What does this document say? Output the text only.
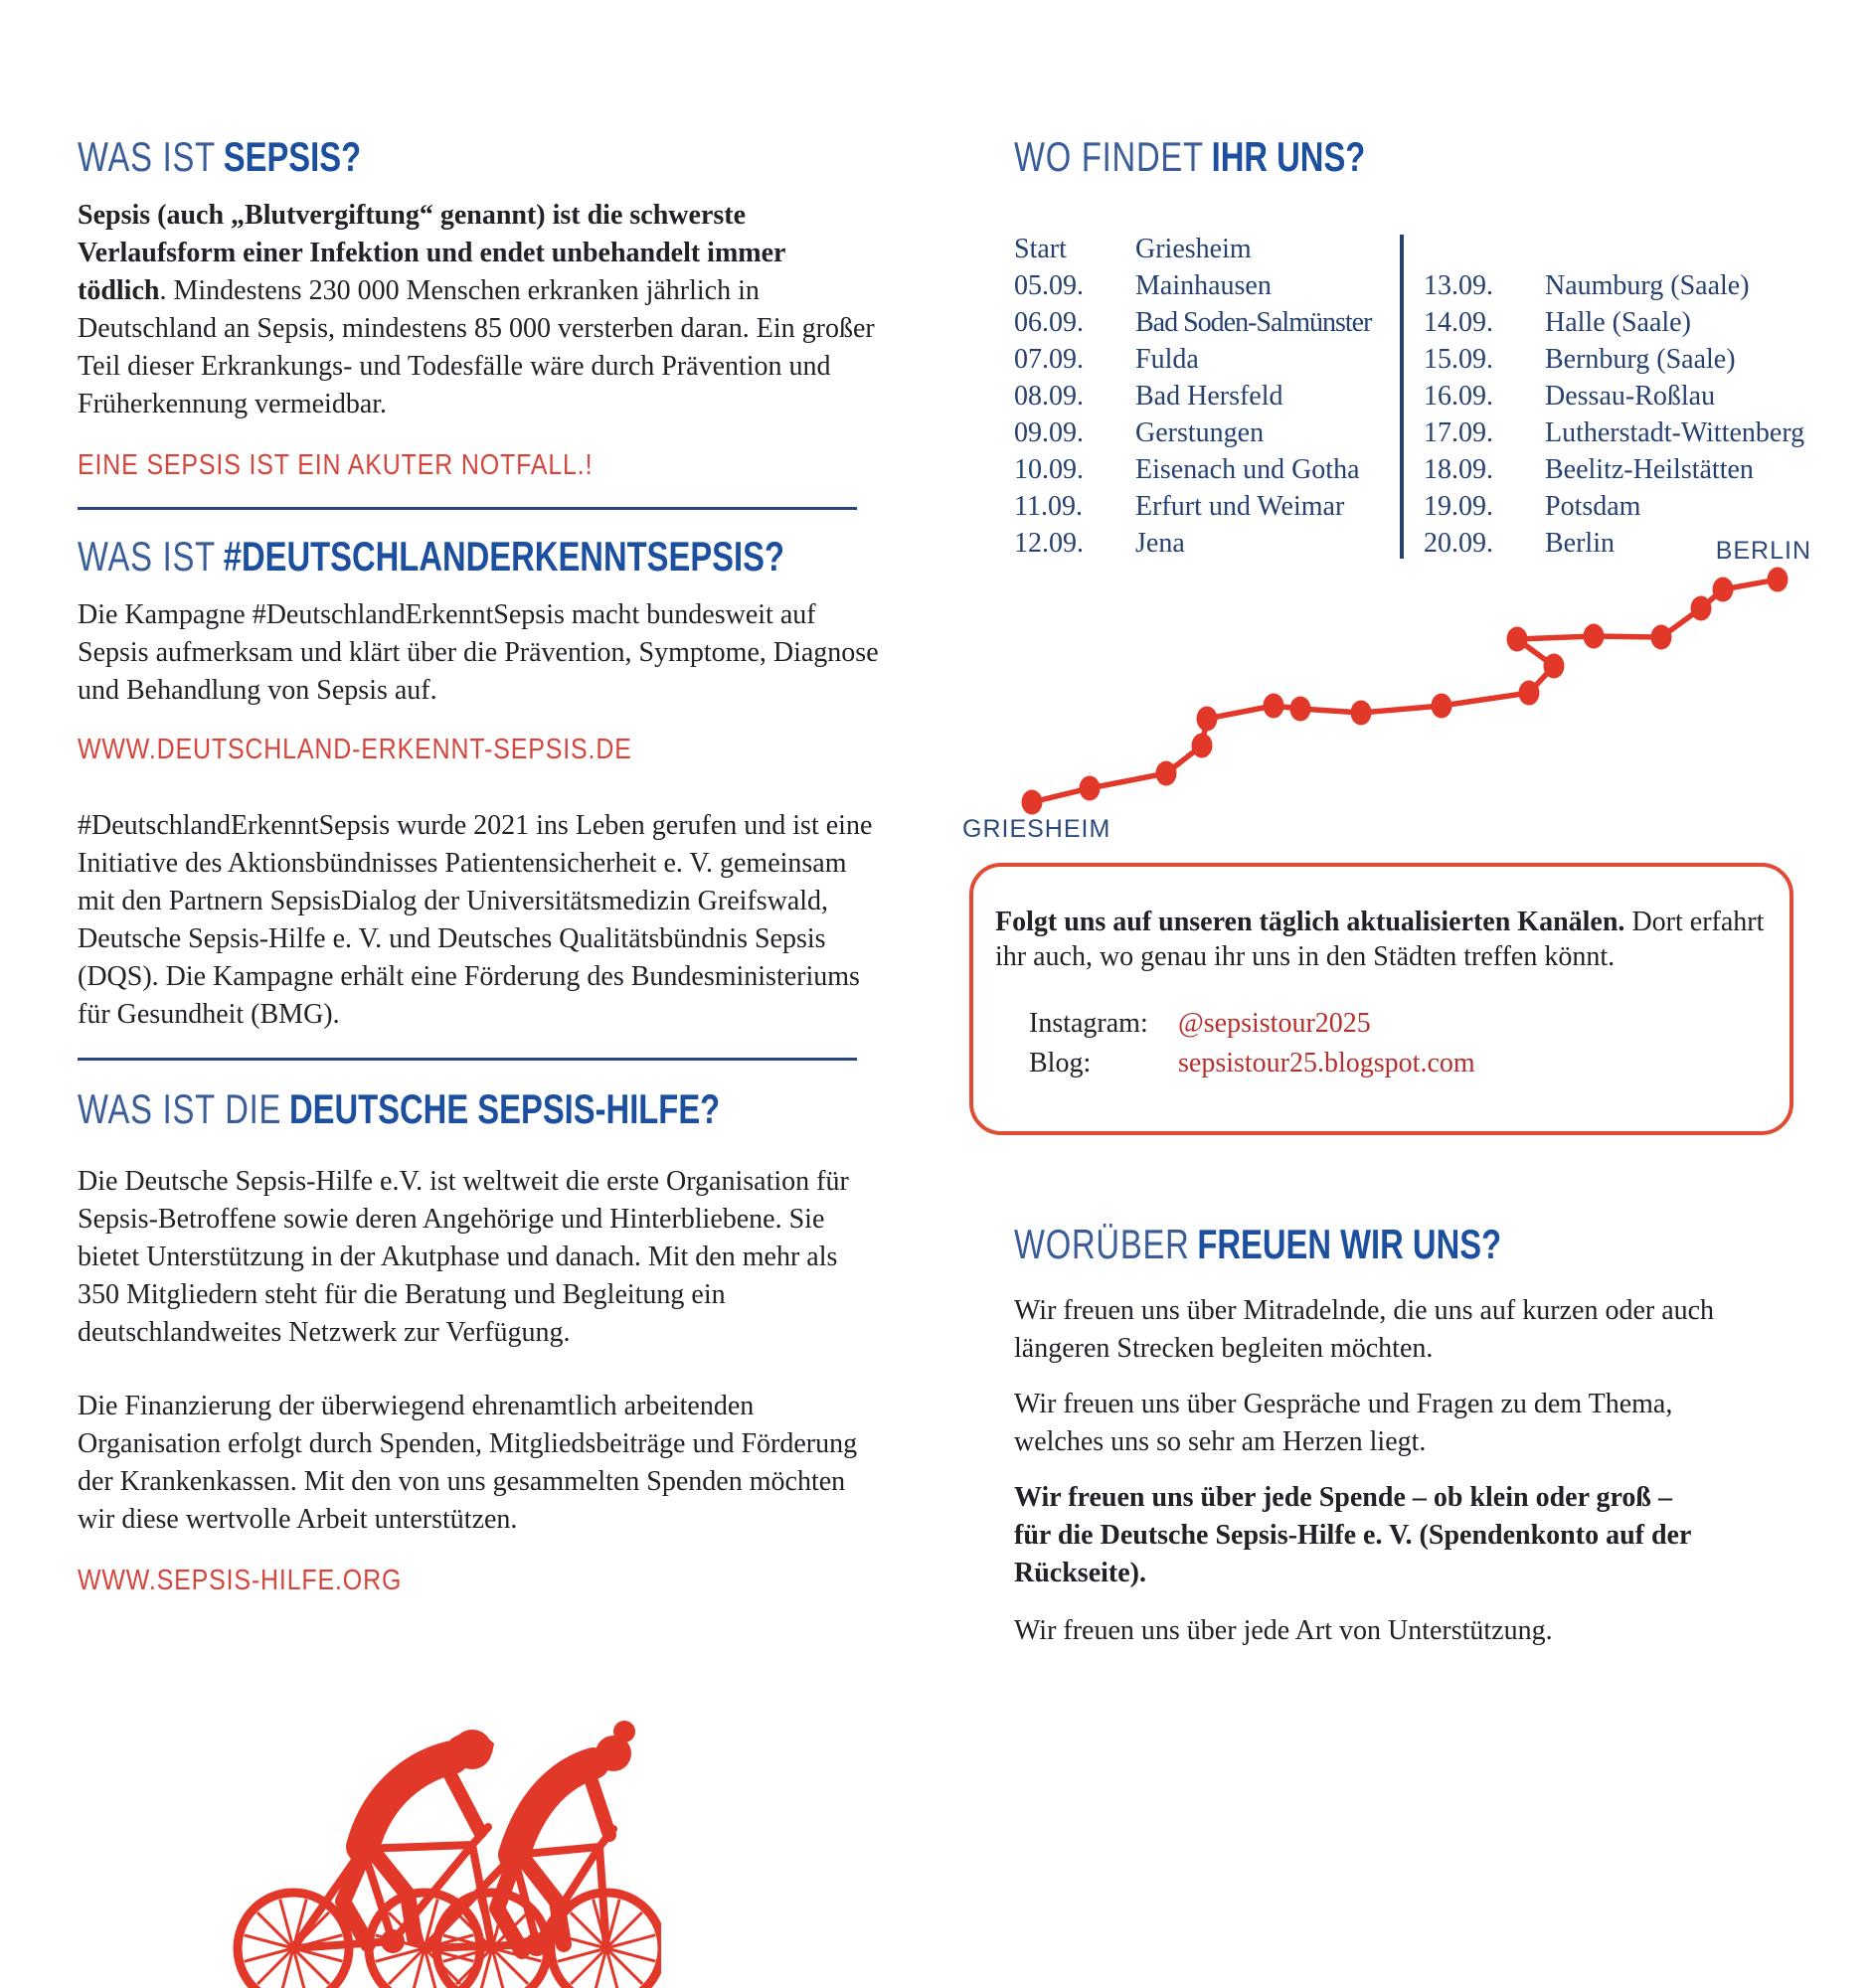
WAS IST SEPSIS?

Sepsis (auch „Blutvergiftung“ genannt) ist die schwerste Verlaufsform einer Infektion und endet unbehandelt immer tödlich. Mindestens 230 000 Menschen erkranken jährlich in Deutschland an Sepsis, mindestens 85 000 versterben daran. Ein großer Teil dieser Erkrankungs- und Todesfälle wäre durch Prävention und Früherkennung vermeidbar.

EINE SEPSIS IST EIN AKUTER NOTFALL.!
WAS IST #DEUTSCHLANDERKENNTSEPSIS?

Die Kampagne #DeutschlandErkenntSepsis macht bundesweit auf Sepsis aufmerksam und klärt über die Prävention, Symptome, Diagnose und Behandlung von Sepsis auf.

WWW.DEUTSCHLAND-ERKENNT-SEPSIS.DE

#DeutschlandErkenntSepsis wurde 2021 ins Leben gerufen und ist eine Initiative des Aktionsbündnisses Patientensicherheit e. V. gemeinsam mit den Partnern SepsisDialog der Universitätsmedizin Greifswald, Deutsche Sepsis-Hilfe e. V. und Deutsches Qualitätsbündnis Sepsis (DQS). Die Kampagne erhält eine Förderung des Bundesministeriums für Gesundheit (BMG).

WAS IST DIE DEUTSCHE SEPSIS-HILFE?

Die Deutsche Sepsis-Hilfe e.V. ist weltweit die erste Organisation für Sepsis-Betroffene sowie deren Angehörige und Hinterbliebene. Sie bietet Unterstützung in der Akutphase und danach. Mit den mehr als 350 Mitgliedern steht für die Beratung und Begleitung ein deutschlandweites Netzwerk zur Verfügung.

Die Finanzierung der überwiegend ehrenamtlich arbeitenden Organisation erfolgt durch Spenden, Mitgliedsbeiträge und Förderung der Krankenkassen. Mit den von uns gesammelten Spenden möchten wir diese wertvolle Arbeit unterstützen.

WWW.SEPSIS-HILFE.ORG
WO FINDET IHR UNS?
Start	Griesheim
05.09.	Mainhausen
06.09.	Bad Soden-Salmünster
07.09.	Fulda
08.09.	Bad Hersfeld
09.09.	Gerstungen
10.09.	Eisenach und Gotha
11.09.	Erfurt und Weimar
12.09.	Jena
13.09.	Naumburg (Saale)
14.09.	Halle (Saale)
15.09.	Bernburg (Saale)
16.09.	Dessau-Roßlau
17.09.	Lutherstadt-Wittenberg
18.09.	Beelitz-Heilstätten
19.09.	Potsdam
20.09.	Berlin	BERLIN
GRIESHEIM

Folgt uns auf unseren täglich aktualisierten Kanälen. Dort erfahrt ihr auch, wo genau ihr uns in den Städten treffen könnt.

Instagram:	@sepsistour2025
Blog:	sepsistour25.blogspot.com
WORÜBER FREUEN WIR UNS?

Wir freuen uns über Mitradelnde, die uns auf kurzen oder auch längeren Strecken begleiten möchten.

Wir freuen uns über Gespräche und Fragen zu dem Thema, welches uns so sehr am Herzen liegt.

Wir freuen uns über jede Spende – ob klein oder groß – für die Deutsche Sepsis-Hilfe e. V. (Spendenkonto auf der Rückseite).

Wir freuen uns über jede Art von Unterstützung.
